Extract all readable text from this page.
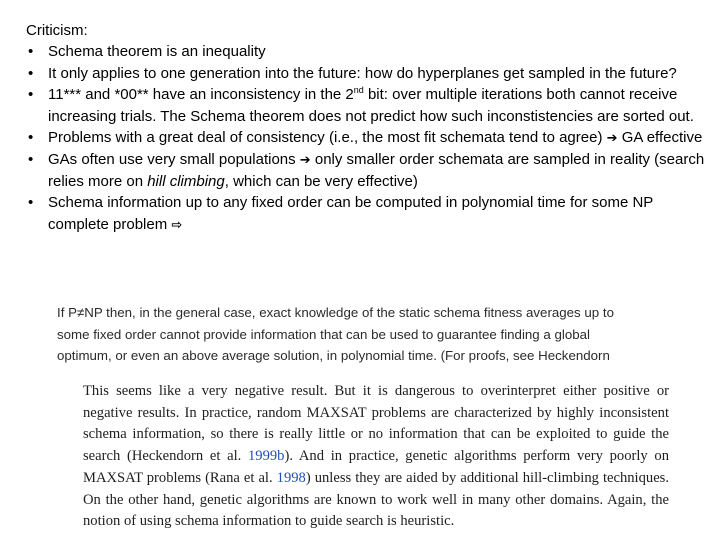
Criticism:
• Schema theorem is an inequality
• It only applies to one generation into the future: how do hyperplanes get sampled in the future?
• 11*** and *00** have an inconsistency in the 2nd bit: over multiple iterations both cannot receive increasing trials. The Schema theorem does not predict how such inconstistencies are sorted out.
• Problems with a great deal of consistency (i.e., the most fit schemata tend to agree) ➔ GA effective
• GAs often use very small populations ➔ only smaller order schemata are sampled in reality (search relies more on hill climbing, which can be very effective)
• Schema information up to any fixed order can be computed in polynomial time for some NP complete problem ⇨
If P≠NP then, in the general case, exact knowledge of the static schema fitness averages up to
some fixed order cannot provide information that can be used to guarantee finding a global
optimum, or even an above average solution, in polynomial time. (For proofs, see Heckendorn
This seems like a very negative result. But it is dangerous to overinterpret either positive or negative results. In practice, random MAXSAT problems are characterized by highly inconsistent schema information, so there is really little or no information that can be exploited to guide the search (Heckendorn et al. 1999b). And in practice, genetic algorithms perform very poorly on MAXSAT problems (Rana et al. 1998) unless they are aided by additional hill-climbing techniques. On the other hand, genetic algorithms are known to work well in many other domains. Again, the notion of using schema information to guide search is heuristic.
